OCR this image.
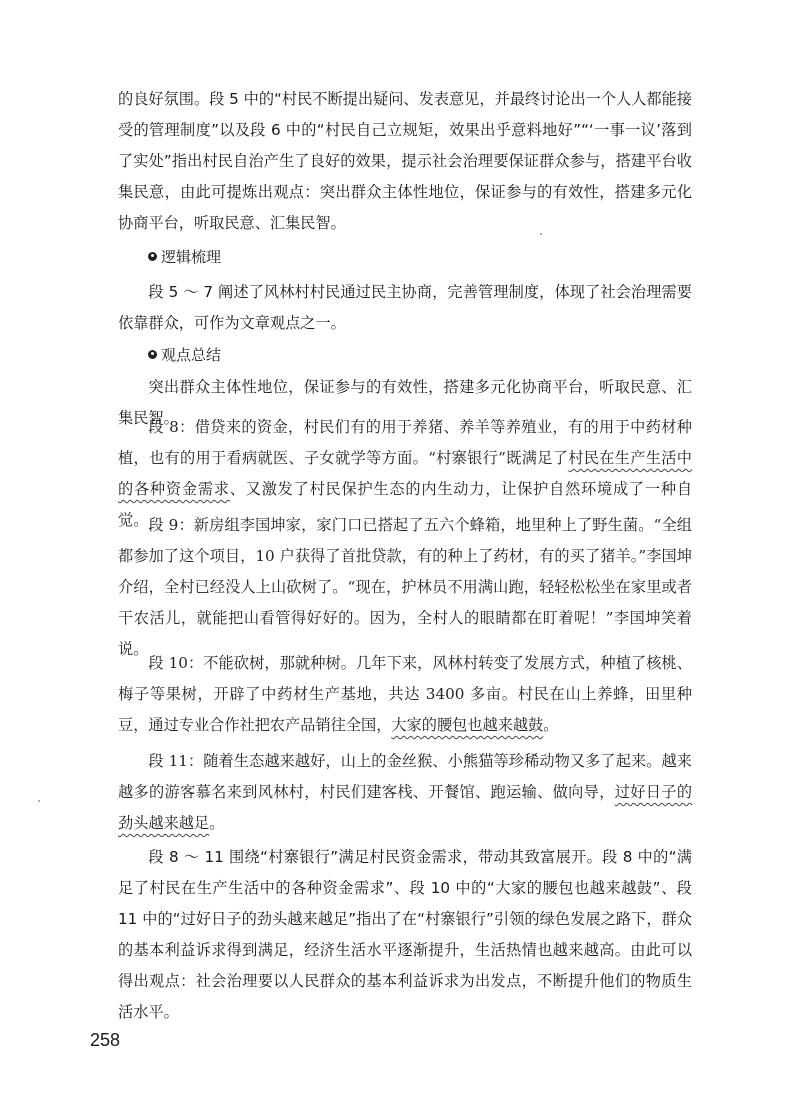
的良好氛围。段 5 中的“村民不断提出疑问、发表意见，并最终讨论出一个人人都能接受的管理制度”以及段 6 中的“村民自己立规矩，效果出乎意料地好”“‘一事一议’落到了实处”指出村民自治产生了良好的效果，提示社会治理要保证群众参与，搭建平台收集民意，由此可提炼出观点：突出群众主体性地位，保证参与的有效性，搭建多元化协商平台，听取民意、汇集民智。

逻辑梳理

段 5 ～ 7 阐述了风林村村民通过民主协商，完善管理制度，体现了社会治理需要依靠群众，可作为文章观点之一。

观点总结

突出群众主体性地位，保证参与的有效性，搭建多元化协商平台，听取民意、汇集民智。

段 8：借贷来的资金，村民们有的用于养猪、养羊等养殖业，有的用于中药材种植，也有的用于看病就医、子女就学等方面。“村寨银行”既满足了村民在生产生活中的各种资金需求、又激发了村民保护生态的内生动力，让保护自然环境成了一种自觉。 段 9：新房组李国坤家，家门口已搭起了五六个蜂箱，地里种上了野生菌。“全组都参加了这个项目，10 户获得了首批贷款，有的种上了药材，有的买了猪羊。”李国坤介绍，全村已经没人上山砍树了。“现在，护林员不用满山跑，轻轻松松坐在家里或者干农活儿，就能把山看管得好好的。因为，全村人的眼睛都在盯着呢！”李国坤笑着说。

段 10：不能砍树，那就种树。几年下来，风林村转变了发展方式，种植了核桃、梅子等果树，开辟了中药材生产基地，共达 3400 多亩。村民在山上养蜂，田里种豆，通过专业合作社把农产品销往全国，大家的腰包也越来越鼓。

段 11：随着生态越来越好，山上的金丝猴、小熊猫等珍稀动物又多了起来。越来越多的游客慕名来到风林村，村民们建客栈、开餐馆、跑运输、做向导，过好日子的劲头越来越足。

段 8 ～ 11 围绕“村寨银行”满足村民资金需求，带动其致富展开。段 8 中的“满足了村民在生产生活中的各种资金需求”、段 10 中的“大家的腰包也越来越鼓”、段 11 中的“过好日子的劲头越来越足”指出了在“村寨银行”引领的绿色发展之路下，群众的基本利益诉求得到满足，经济生活水平逐渐提升，生活热情也越来越高。由此可以得出观点：社会治理要以人民群众的基本利益诉求为出发点，不断提升他们的物质生活水平。

258
